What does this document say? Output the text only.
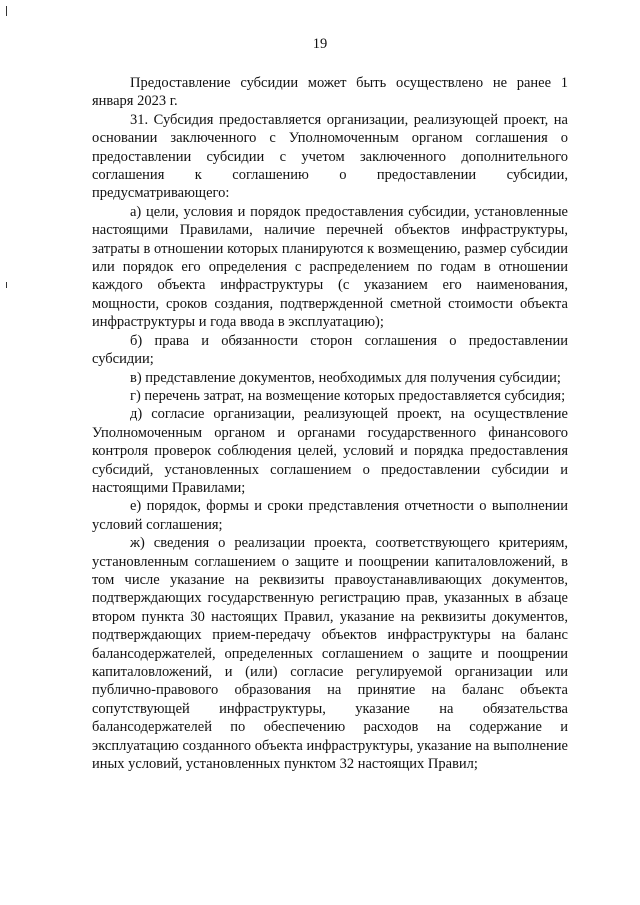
19

Предоставление субсидии может быть осуществлено не ранее 1 января 2023 г.

31. Субсидия предоставляется организации, реализующей проект, на основании заключенного с Уполномоченным органом соглашения о предоставлении субсидии с учетом заключенного дополнительного соглашения к соглашению о предоставлении субсидии, предусматривающего:

а) цели, условия и порядок предоставления субсидии, установленные настоящими Правилами, наличие перечней объектов инфраструктуры, затраты в отношении которых планируются к возмещению, размер субсидии или порядок его определения с распределением по годам в отношении каждого объекта инфраструктуры (с указанием его наименования, мощности, сроков создания, подтвержденной сметной стоимости объекта инфраструктуры и года ввода в эксплуатацию);

б) права и обязанности сторон соглашения о предоставлении субсидии;

в) представление документов, необходимых для получения субсидии;

г) перечень затрат, на возмещение которых предоставляется субсидия;

д) согласие организации, реализующей проект, на осуществление Уполномоченным органом и органами государственного финансового контроля проверок соблюдения целей, условий и порядка предоставления субсидий, установленных соглашением о предоставлении субсидии и настоящими Правилами;

е) порядок, формы и сроки представления отчетности о выполнении условий соглашения;

ж) сведения о реализации проекта, соответствующего критериям, установленным соглашением о защите и поощрении капиталовложений, в том числе указание на реквизиты правоустанавливающих документов, подтверждающих государственную регистрацию прав, указанных в абзаце втором пункта 30 настоящих Правил, указание на реквизиты документов, подтверждающих прием-передачу объектов инфраструктуры на баланс балансодержателей, определенных соглашением о защите и поощрении капиталовложений, и (или) согласие регулируемой организации или публично-правового образования на принятие на баланс объекта сопутствующей инфраструктуры, указание на обязательства балансодержателей по обеспечению расходов на содержание и эксплуатацию созданного объекта инфраструктуры, указание на выполнение иных условий, установленных пунктом 32 настоящих Правил;
